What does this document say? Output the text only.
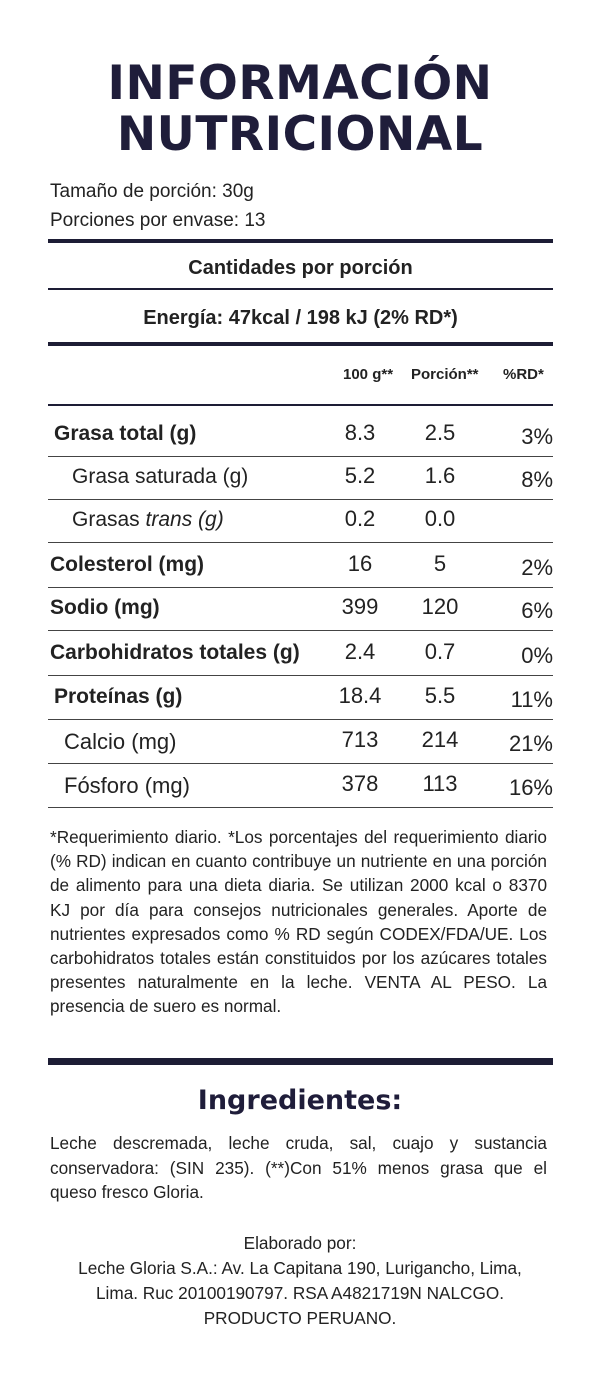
INFORMACIÓN
NUTRICIONAL
Tamaño de porción: 30g
Porciones por envase: 13
Cantidades por porción
Energía: 47kcal / 198 kJ (2% RD*)
100 g** Porción** %RD*
Grasa total (g)	8.3	2.5	3%
Grasa saturada (g)	5.2	1.6	8%
Grasas trans (g)	0.2	0.0
Colesterol (mg)	16	5	2%
Sodio (mg)	399	120	6%
Carbohidratos totales (g)	2.4	0.7	0%
Proteínas (g)	18.4	5.5	11%
Calcio (mg)	713	214	21%
Fósforo (mg)	378	113	16%
*Requerimiento diario. *Los porcentajes del requerimiento diario (% RD) indican en cuanto contribuye un nutriente en una porción de alimento para una dieta diaria. Se utilizan 2000 kcal o 8370 KJ por día para consejos nutricionales generales. Aporte de nutrientes expresados como % RD según CODEX/FDA/UE. Los carbohidratos totales están constituidos por los azúcares totales presentes naturalmente en la leche. VENTA AL PESO. La presencia de suero es normal.
Ingredientes:
Leche descremada, leche cruda, sal, cuajo y sustancia conservadora: (SIN 235). (**)Con 51% menos grasa que el queso fresco Gloria.
Elaborado por:
Leche Gloria S.A.: Av. La Capitana 190, Lurigancho, Lima,
Lima. Ruc 20100190797. RSA A4821719N NALCGO.
PRODUCTO PERUANO.
